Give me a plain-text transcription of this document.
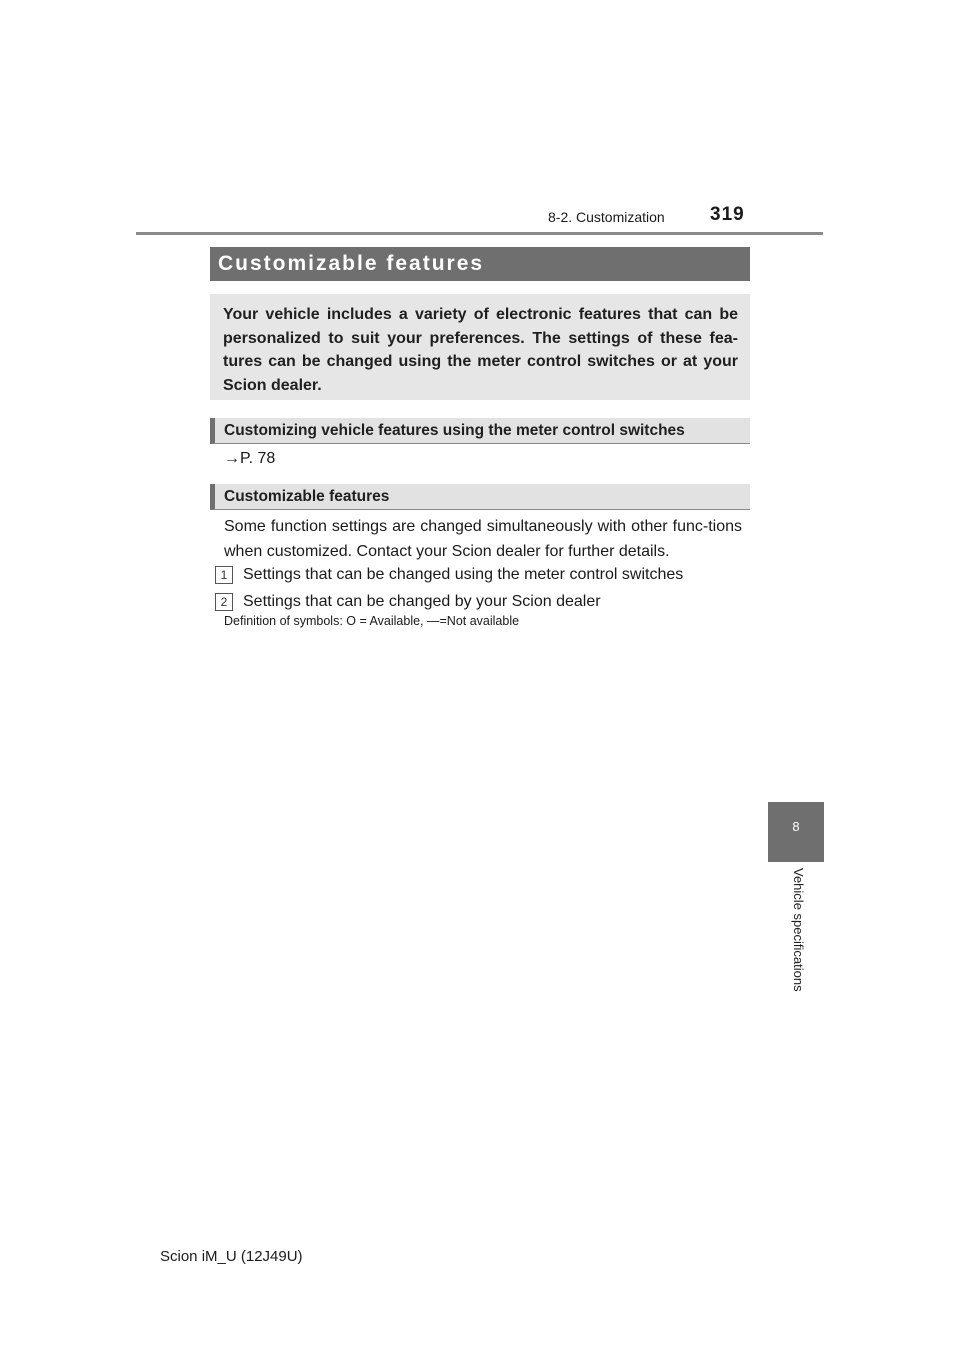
8-2. Customization 319
Customizable features
Your vehicle includes a variety of electronic features that can be personalized to suit your preferences. The settings of these fea-tures can be changed using the meter control switches or at your Scion dealer.
Customizing vehicle features using the meter control switches
→P. 78
Customizable features
Some function settings are changed simultaneously with other func-tions when customized. Contact your Scion dealer for further details.
1 Settings that can be changed using the meter control switches
2 Settings that can be changed by your Scion dealer
Definition of symbols: O = Available, —=Not available
8
Vehicle specifications
Scion iM_U (12J49U)
